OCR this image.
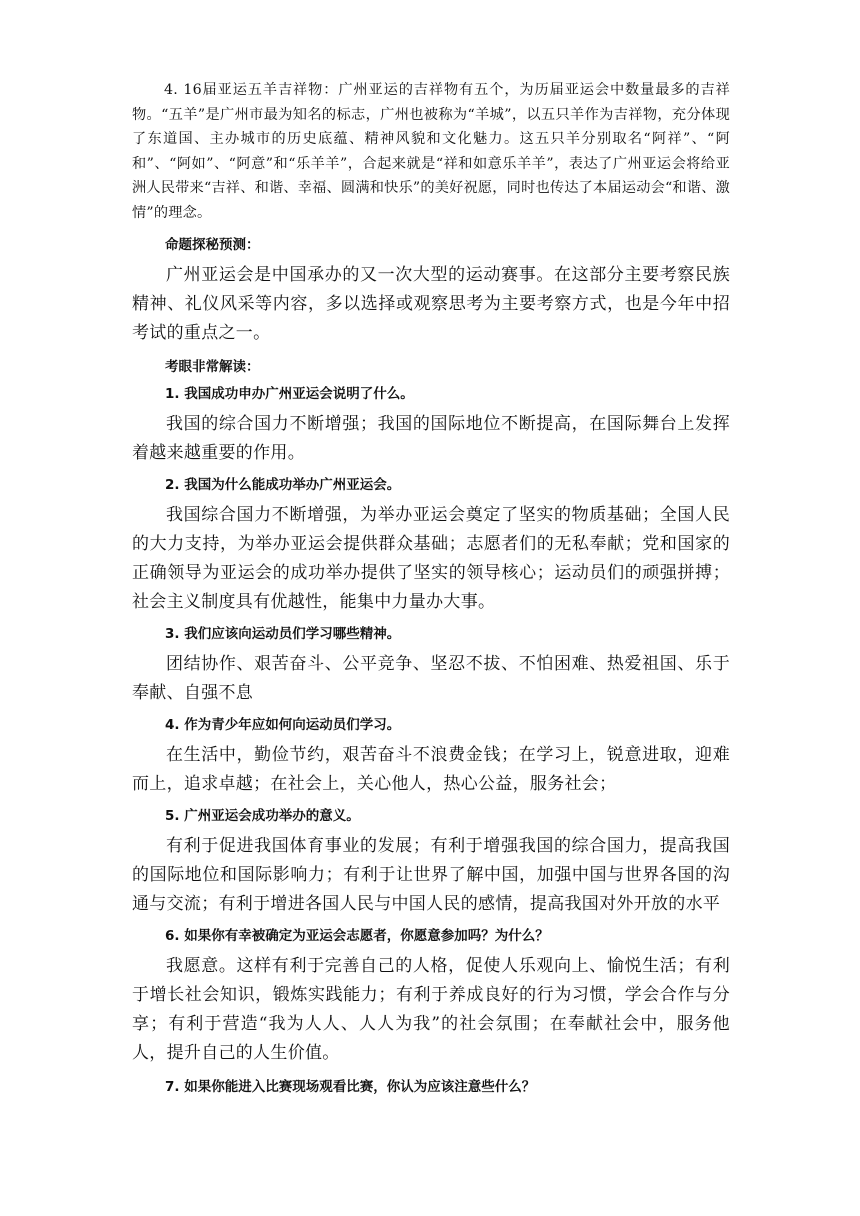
4. 16届亚运五羊吉祥物：广州亚运的吉祥物有五个，为历届亚运会中数量最多的吉祥物。“五羊”是广州市最为知名的标志，广州也被称为“羊城”，以五只羊作为吉祥物，充分体现了东道国、主办城市的历史底蕴、精神风貌和文化魅力。这五只羊分别取名“阿祥”、“阿和”、“阿如”、“阿意”和“乐羊羊”，合起来就是“祥和如意乐羊羊”，表达了广州亚运会将给亚洲人民带来“吉祥、和谐、幸福、圆满和快乐”的美好祝愿，同时也传达了本届运动会“和谐、激情”的理念。

命题探秘预测：

广州亚运会是中国承办的又一次大型的运动赛事。在这部分主要考察民族精神、礼仪风采等内容，多以选择或观察思考为主要考察方式，也是今年中招考试的重点之一。

考眼非常解读：

1. 我国成功申办广州亚运会说明了什么。

我国的综合国力不断增强；我国的国际地位不断提高，在国际舞台上发挥着越来越重要的作用。

2. 我国为什么能成功举办广州亚运会。

我国综合国力不断增强，为举办亚运会奠定了坚实的物质基础；全国人民的大力支持，为举办亚运会提供群众基础；志愿者们的无私奉献；党和国家的正确领导为亚运会的成功举办提供了坚实的领导核心；运动员们的顽强拼搏；社会主义制度具有优越性，能集中力量办大事。

3. 我们应该向运动员们学习哪些精神。

团结协作、艰苦奋斗、公平竞争、坚忍不拔、不怕困难、热爱祖国、乐于奉献、自强不息

4. 作为青少年应如何向运动员们学习。

在生活中，勤俭节约，艰苦奋斗不浪费金钱；在学习上，锐意进取，迎难而上，追求卓越；在社会上，关心他人，热心公益，服务社会；

5. 广州亚运会成功举办的意义。

有利于促进我国体育事业的发展；有利于增强我国的综合国力，提高我国的国际地位和国际影响力；有利于让世界了解中国，加强中国与世界各国的沟通与交流；有利于增进各国人民与中国人民的感情，提高我国对外开放的水平

6. 如果你有幸被确定为亚运会志愿者，你愿意参加吗？为什么？

我愿意。这样有利于完善自己的人格，促使人乐观向上、愉悦生活；有利于增长社会知识，锻炼实践能力；有利于养成良好的行为习惯，学会合作与分享；有利于营造“我为人人、人人为我”的社会氛围；在奉献社会中，服务他人，提升自己的人生价值。

7. 如果你能进入比赛现场观看比赛，你认为应该注意些什么？
